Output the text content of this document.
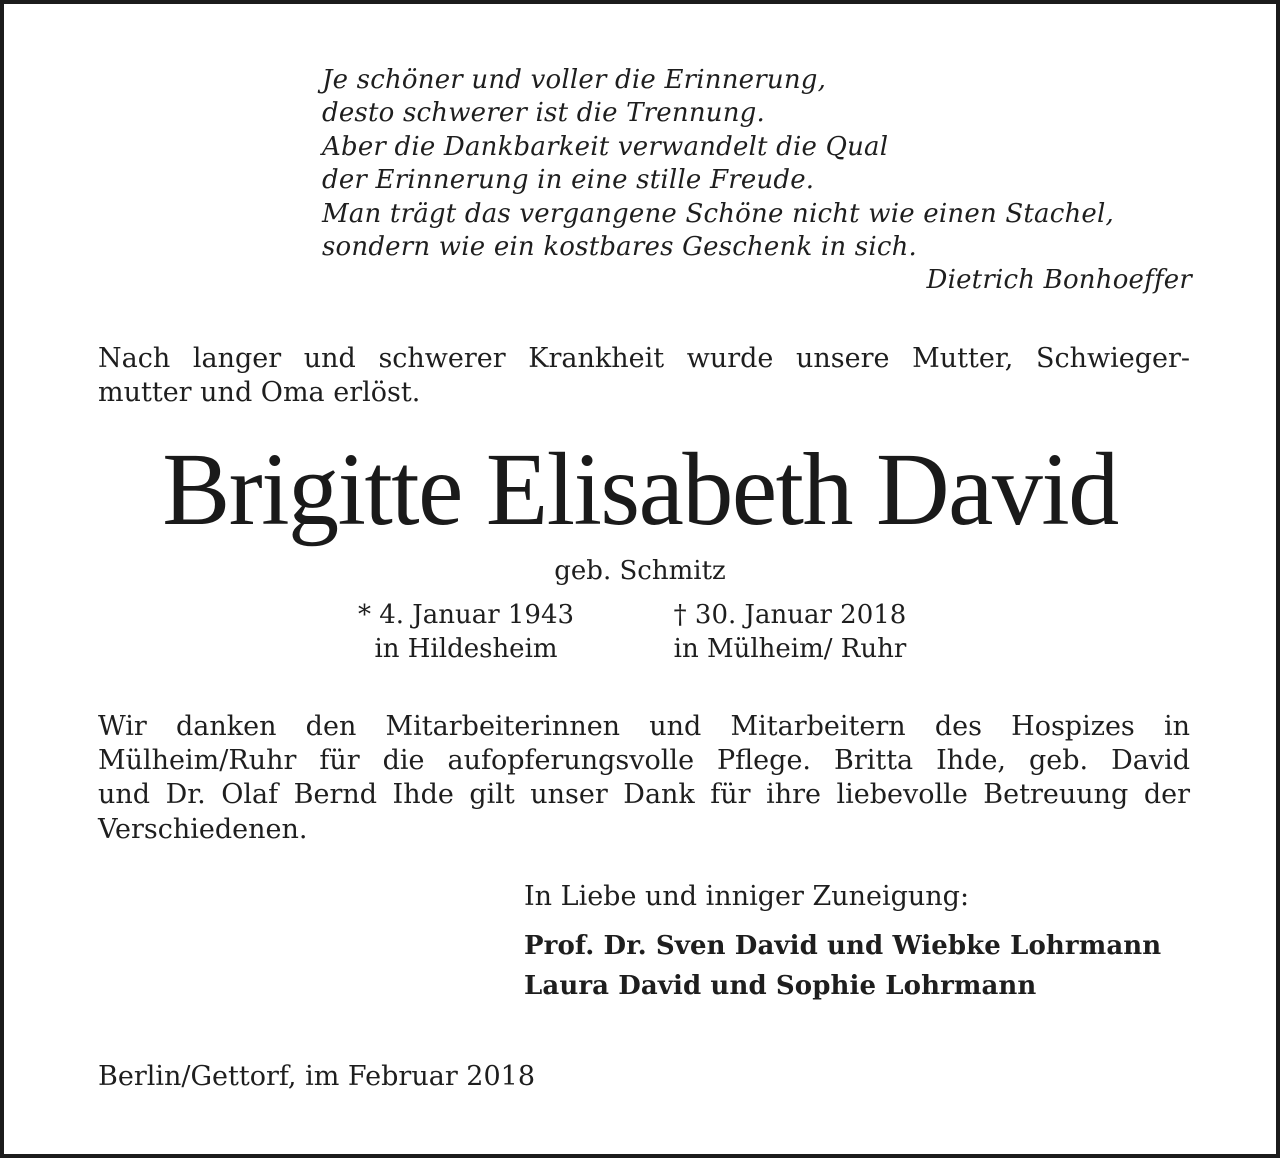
Je schöner und voller die Erinnerung,
desto schwerer ist die Trennung.
Aber die Dankbarkeit verwandelt die Qual
der Erinnerung in eine stille Freude.
Man trägt das vergangene Schöne nicht wie einen Stachel,
sondern wie ein kostbares Geschenk in sich.
Dietrich Bonhoeffer
Nach langer und schwerer Krankheit wurde unsere Mutter, Schwieger-
mutter und Oma erlöst.
Brigitte Elisabeth David
geb. Schmitz
* 4. Januar 1943
in Hildesheim
† 30. Januar 2018
in Mülheim/ Ruhr
Wir danken den Mitarbeiterinnen und Mitarbeitern des Hospizes in
Mülheim/Ruhr für die aufopferungsvolle Pflege. Britta Ihde, geb. David
und Dr. Olaf Bernd Ihde gilt unser Dank für ihre liebevolle Betreuung der
Verschiedenen.
In Liebe und inniger Zuneigung:
Prof. Dr. Sven David und Wiebke Lohrmann
Laura David und Sophie Lohrmann
Berlin/Gettorf, im Februar 2018
